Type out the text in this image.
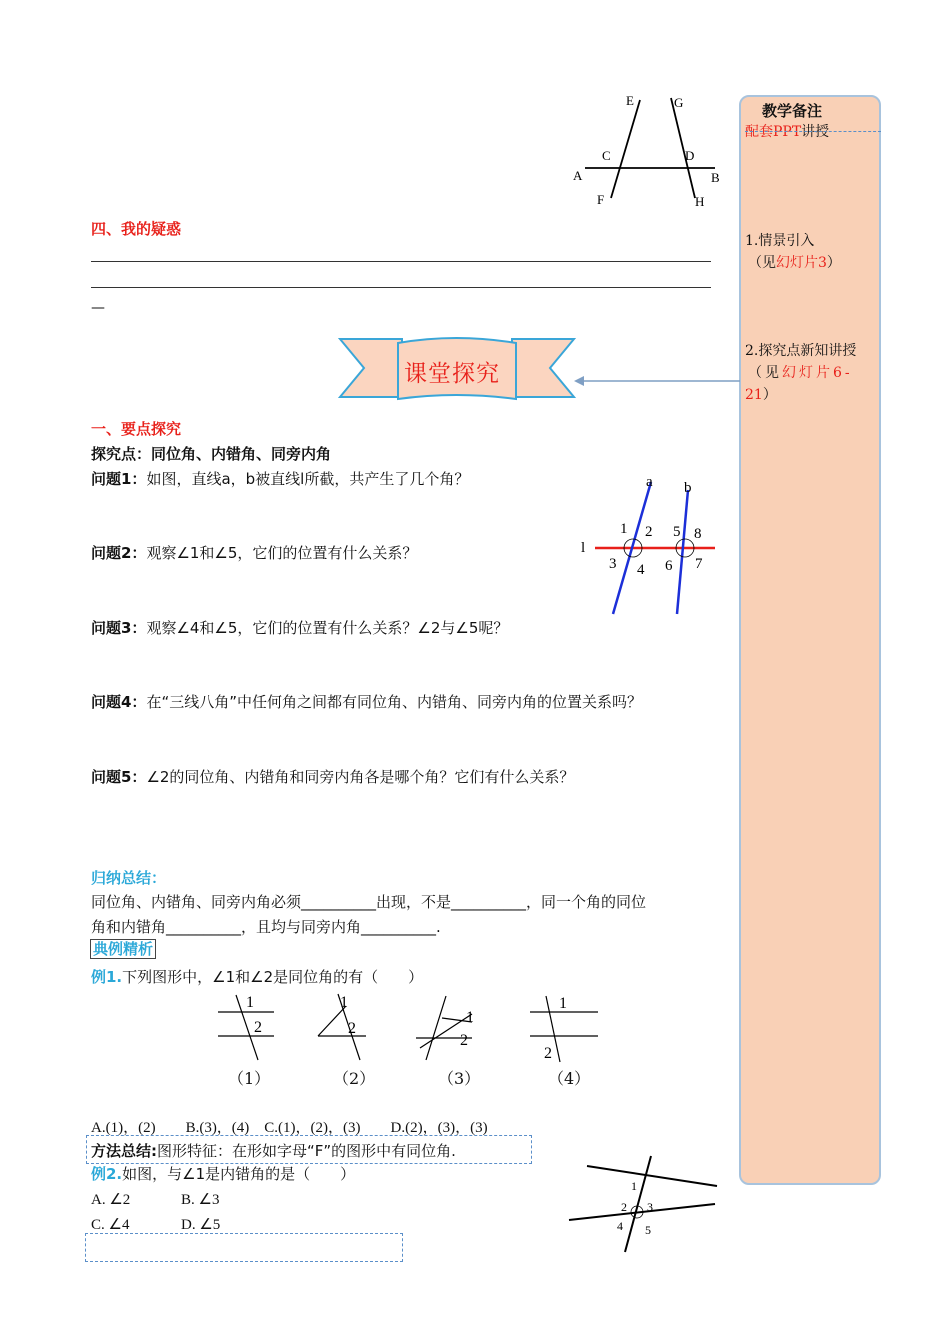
教学备注
配套PPT讲授
1.情景引入
（见幻灯片3）
2.探究点新知讲授
（见幻灯片6-
21）
E	G
C	D
A	B
F	H
四、我的疑惑
—
课堂探究
一、要点探究
探究点：同位角、内错角、同旁内角
问题1：如图，直线a，b被直线l所截，共产生了几个角？
问题2：观察∠1和∠5，它们的位置有什么关系？
问题3：观察∠4和∠5，它们的位置有什么关系？∠2与∠5呢？
问题4：在“三线八角”中任何角之间都有同位角、内错角、同旁内角的位置关系吗？
问题5：∠2的同位角、内错角和同旁内角各是哪个角？它们有什么关系？
a b
l
1 2
3 4
5 8
6 7
归纳总结：
同位角、内错角、同旁内角必须__________出现，不是__________，同一个角的同位
角和内错角__________，且均与同旁内角__________.
典例精析
例1.下列图形中，∠1和∠2是同位角的有（　　）
1
2
1
2
1
2
1
2
（1）	（2）	（3）	（4）
A.(1)，(2)　　B.(3)，(4)　C.(1)，(2)，(3)　　D.(2)，(3)，(3)
方法总结:图形特征：在形如字母“F”的图形中有同位角.
例2.如图，与∠1是内错角的是（　　）
A. ∠2	B. ∠3
C. ∠4	D. ∠5
1
2 3
4 5
